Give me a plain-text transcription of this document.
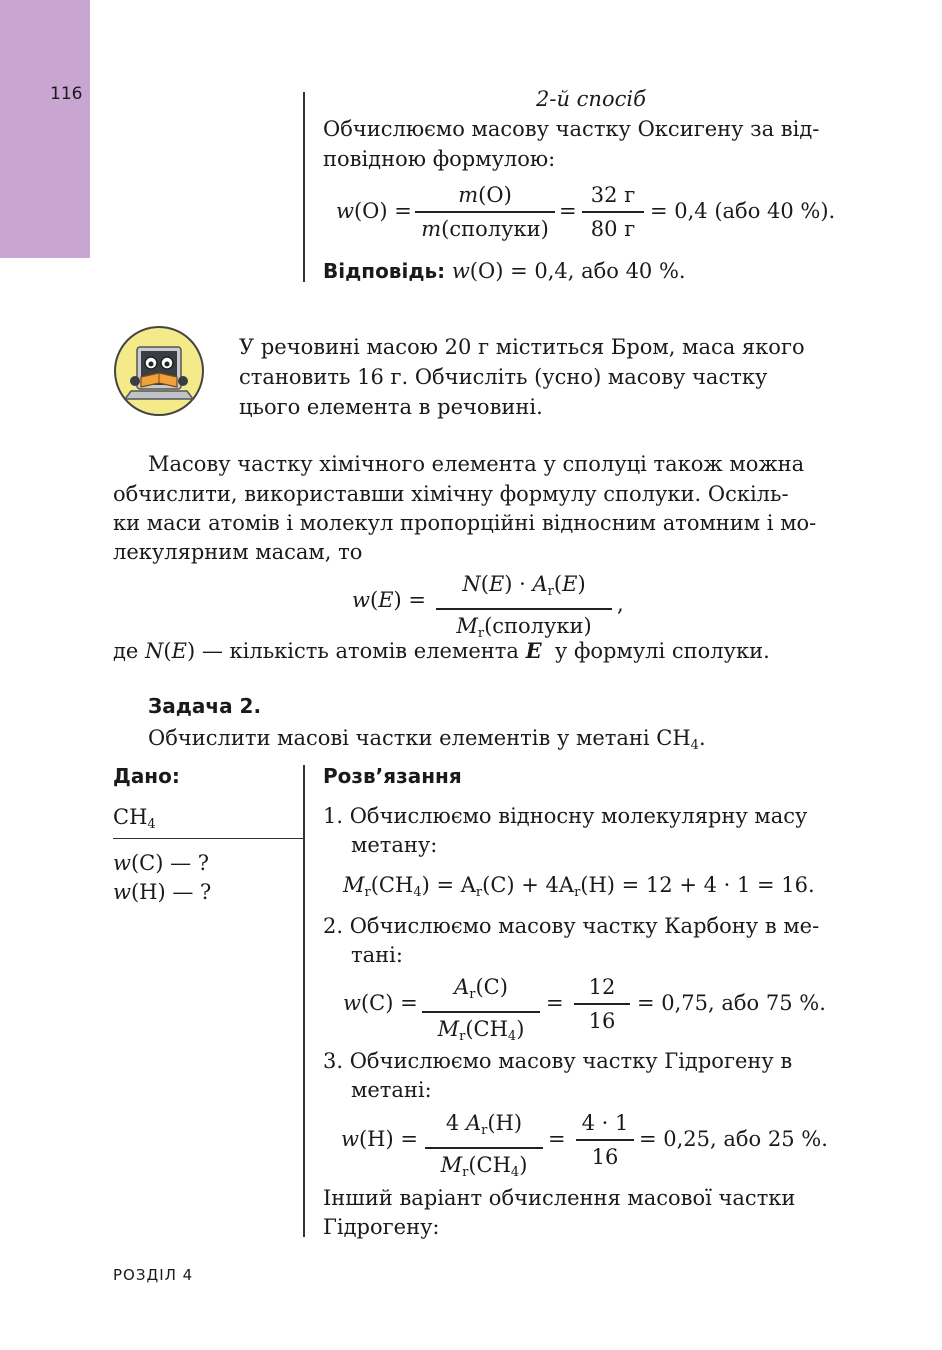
116	2-й спосіб
Обчислюємо масову частку Оксигену за від-
повідною формулою:
w(O) =
m(O)
m(сполуки)
=
32 г
80 г
= 0,4 (або 40 %).
Відповідь: w(O) = 0,4, або 40 %.
У речовині масою 20 г міститься Бром, маса якого
становить 16 г. Обчисліть (усно) масову частку
цього елемента в речовині.
Масову частку хімічного елемента у сполуці також можна
обчислити, використавши хімічну формулу сполуки. Оскіль-
ки маси атомів і молекул пропорційні відносним атомним і мо-
лекулярним масам, то
w(E) =
$N(E) \cdot A_r(E)$
$M_r(сполуки)$
,
де N(E) — кількість атомів елемента E  у формулі сполуки.
Задача 2.
Обчислити масові частки елементів у метані $CH_4$.
Дано:
$CH_4$
w(C) — ?
w(H) — ?
Розв’язання
1. Обчислюємо відносну молекулярну масу
метану:
$M_r(CH_4) = A_r(C) + 4A_r(H) = 12 + 4 \cdot 1 = 16$.
2. Обчислюємо масову частку Карбону в ме-
тані:
w(C) =
$A_r(C)$
$M_r(CH_4)$
=
12
16
= 0,75, або 75 %.
3. Обчислюємо масову частку Гідрогену в
метані:
w(H) =
4 $A_r(H)$
$M_r(CH_4)$
=
4 · 1
16
= 0,25, або 25 %.
Інший варіант обчислення масової частки
Гідрогену:
РОЗДІЛ 4
